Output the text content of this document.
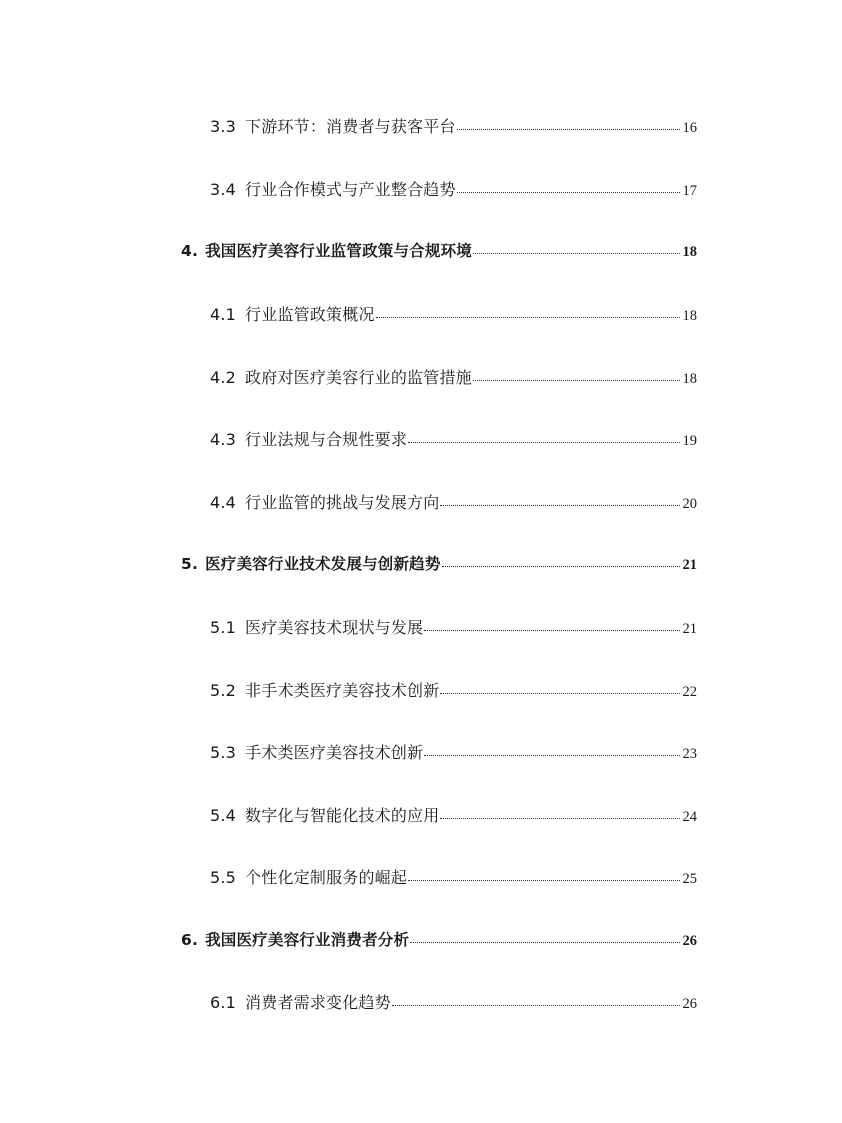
3.3 下游环节：消费者与获客平台	16
3.4 行业合作模式与产业整合趋势	17
4. 我国医疗美容行业监管政策与合规环境	18
4.1 行业监管政策概况	18
4.2 政府对医疗美容行业的监管措施	18
4.3 行业法规与合规性要求	19
4.4 行业监管的挑战与发展方向	20
5. 医疗美容行业技术发展与创新趋势	21
5.1 医疗美容技术现状与发展	21
5.2 非手术类医疗美容技术创新	22
5.3 手术类医疗美容技术创新	23
5.4 数字化与智能化技术的应用	24
5.5 个性化定制服务的崛起	25
6. 我国医疗美容行业消费者分析	26
6.1 消费者需求变化趋势	26
